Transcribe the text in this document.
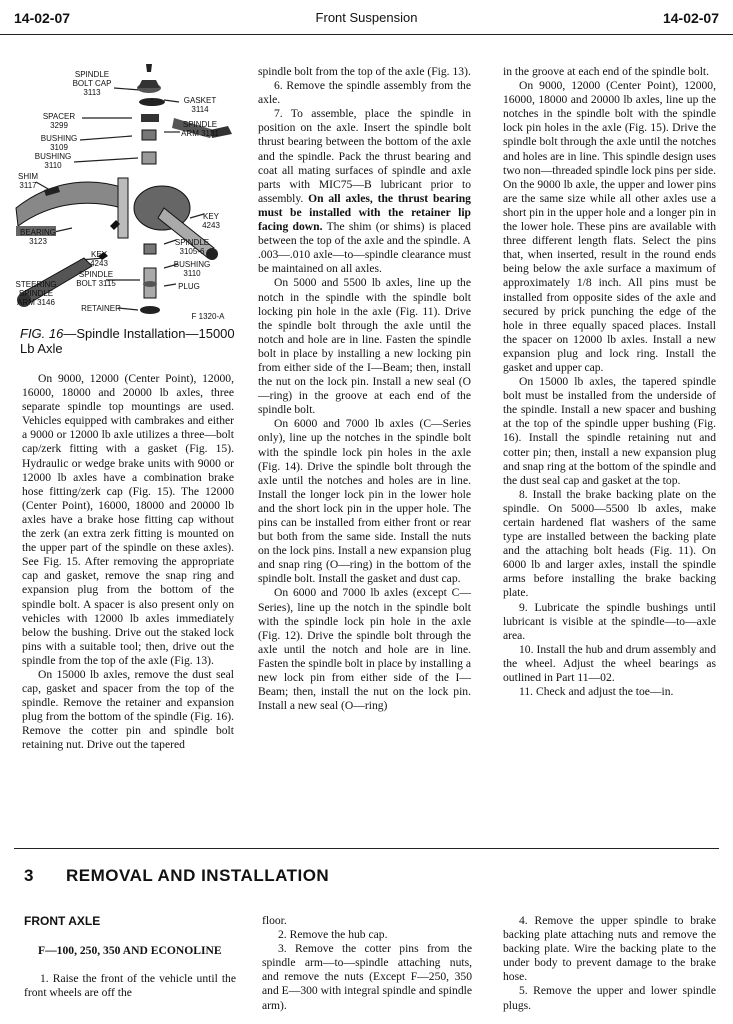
14-02-07	Front Suspension	14-02-07
SPINDLE BOLT CAP 3113
GASKET 3114
SPACER 3299	SPINDLE ARM 3131
BUSHING 3109
BUSHING 3110
SHIM 3117
KEY 4243
BEARING 3123	SPINDLE 3105-6
KEY 4243	BUSHING 3110
SPINDLE BOLT 3115	PLUG
STEERING SPINDLE ARM 3146
RETAINER
F 1320-A
FIG. 16—Spindle Installation—15000 Lb Axle

On 9000, 12000 (Center Point), 12000, 16000, 18000 and 20000 lb axles, three separate spindle top mountings are used. Vehicles equipped with cambrakes and either a 9000 or 12000 lb axle utilizes a three—bolt cap/zerk fitting with a gasket (Fig. 15). Hydraulic or wedge brake units with 9000 or 12000 lb axles have a combination brake hose fitting/zerk cap (Fig. 15). The 12000 (Center Point), 16000, 18000 and 20000 lb axles have a brake hose fitting cap without the zerk (an extra zerk fitting is mounted on the upper part of the spindle on these axles). See Fig. 15. After removing the appropriate cap and gasket, remove the snap ring and expansion plug from the bottom of the spindle bolt. A spacer is also present only on vehicles with 12000 lb axles immediately below the bushing. Drive out the staked lock pins with a suitable tool; then, drive out the spindle from the top of the axle (Fig. 13).

On 15000 lb axles, remove the dust seal cap, gasket and spacer from the top of the spindle. Remove the retainer and expansion plug from the bottom of the spindle (Fig. 16). Remove the cotter pin and spindle bolt retaining nut. Drive out the tapered

spindle bolt from the top of the axle (Fig. 13).

6. Remove the spindle assembly from the axle.

7. To assemble, place the spindle in position on the axle. Insert the spindle bolt thrust bearing between the bottom of the axle and the spindle. Pack the thrust bearing and coat all mating surfaces of spindle and axle parts with MIC75—B lubricant prior to assembly. On all axles, the thrust bearing must be installed with the retainer lip facing down. The shim (or shims) is placed between the top of the axle and the spindle. A .003—.010 axle—to—spindle clearance must be maintained on all axles.

On 5000 and 5500 lb axles, line up the notch in the spindle with the spindle bolt locking pin hole in the axle (Fig. 11). Drive the spindle bolt through the axle until the notch and hole are in line. Fasten the spindle bolt in place by installing a new locking pin from either side of the I—Beam; then, install the nut on the lock pin. Install a new seal (O—ring) in the groove at each end of the spindle bolt.

On 6000 and 7000 lb axles (C—Series only), line up the notches in the spindle bolt with the spindle lock pin holes in the axle (Fig. 14). Drive the spindle bolt through the axle until the notches and holes are in line. Install the longer lock pin in the lower hole and the short lock pin in the upper hole. The pins can be installed from either front or rear but both from the same side. Install the nuts on the lock pins. Install a new expansion plug and snap ring (O—ring) in the bottom of the spindle bolt. Install the gasket and dust cap.

On 6000 and 7000 lb axles (except C—Series), line up the notch in the spindle bolt with the spindle lock pin hole in the axle (Fig. 12). Drive the spindle bolt through the axle until the notch and hole are in line. Fasten the spindle bolt in place by installing a new lock pin from either side of the I—Beam; then, install the nut on the lock pin. Install a new seal (O—ring)

in the groove at each end of the spindle bolt.

On 9000, 12000 (Center Point), 12000, 16000, 18000 and 20000 lb axles, line up the notches in the spindle bolt with the spindle lock pin holes in the axle (Fig. 15). Drive the spindle bolt through the axle until the notches and holes are in line. This spindle design uses two non—threaded spindle lock pins per side. On the 9000 lb axle, the upper and lower pins are the same size while all other axles use a short pin in the upper hole and a longer pin in the lower hole. These pins are available with three different length flats. Select the pins that, when inserted, result in the round ends being below the axle surface a maximum of approximately 1/8 inch. All pins must be installed from opposite sides of the axle and secured by prick punching the edge of the hole in three equally spaced places. Install the spacer on 12000 lb axles. Install a new expansion plug and lock ring. Install the gasket and upper cap.

On 15000 lb axles, the tapered spindle bolt must be installed from the underside of the spindle. Install a new spacer and bushing at the top of the spindle upper bushing (Fig. 16). Install the spindle retaining nut and cotter pin; then, install a new expansion plug and snap ring at the bottom of the spindle and the dust seal cap and gasket at the top.

8. Install the brake backing plate on the spindle. On 5000—5500 lb axles, make certain hardened flat washers of the same type are installed between the backing plate and the attaching bolt heads (Fig. 11). On 6000 lb and larger axles, install the spindle arms before installing the brake backing plate.

9. Lubricate the spindle bushings until lubricant is visible at the spindle—to—axle area.

10. Install the hub and drum assembly and the wheel. Adjust the wheel bearings as outlined in Part 11—02.

11. Check and adjust the toe—in.

3 REMOVAL AND INSTALLATION

FRONT AXLE

F—100, 250, 350 AND ECONOLINE

1. Raise the front of the vehicle until the front wheels are off the

floor.

2. Remove the hub cap.

3. Remove the cotter pins from the spindle arm—to—spindle attaching nuts, and remove the nuts (Except F—250, 350 and E—300 with integral spindle and spindle arm).

4. Remove the upper spindle to brake backing plate attaching nuts and remove the backing plate. Wire the backing plate to the under body to prevent damage to the brake hose.

5. Remove the upper and lower spindle plugs.
